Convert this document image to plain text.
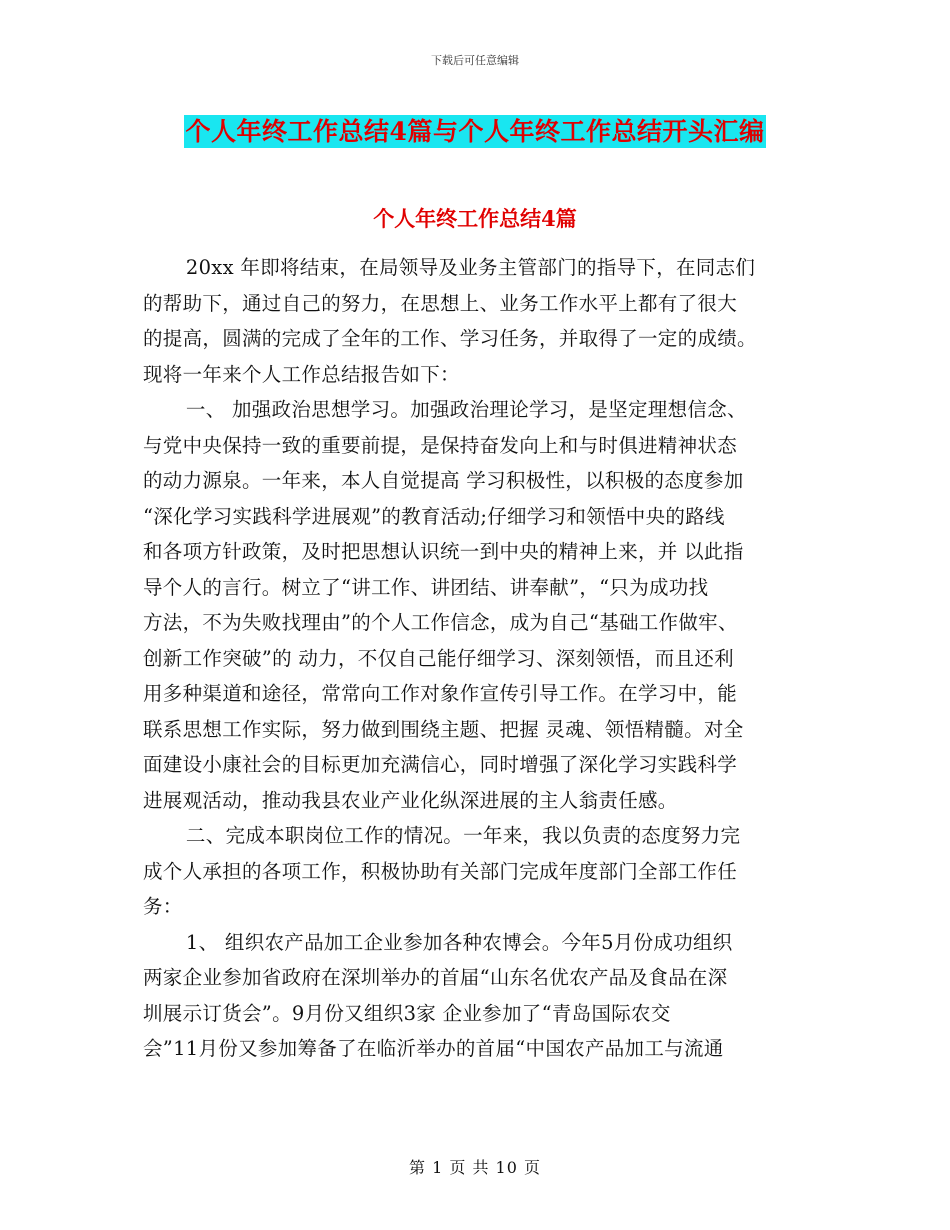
下载后可任意编辑
个人年终工作总结4篇与个人年终工作总结开头汇编
个人年终工作总结4篇

20xx 年即将结束，在局领导及业务主管部门的指导下，在同志们

的帮助下，通过自己的努力，在思想上、业务工作水平上都有了很大

的提高，圆满的完成了全年的工作、学习任务，并取得了一定的成绩。

现将一年来个人工作总结报告如下：

一、 加强政治思想学习。加强政治理论学习，是坚定理想信念、

与党中央保持一致的重要前提，是保持奋发向上和与时俱进精神状态

的动力源泉。一年来，本人自觉提高 学习积极性，以积极的态度参加

“深化学习实践科学进展观”的教育活动;仔细学习和领悟中央的路线

和各项方针政策，及时把思想认识统一到中央的精神上来，并 以此指

导个人的言行。树立了“讲工作、讲团结、讲奉献”，“只为成功找

方法，不为失败找理由”的个人工作信念，成为自己“基础工作做牢、

创新工作突破”的 动力，不仅自己能仔细学习、深刻领悟，而且还利

用多种渠道和途径，常常向工作对象作宣传引导工作。在学习中，能

联系思想工作实际，努力做到围绕主题、把握 灵魂、领悟精髓。对全

面建设小康社会的目标更加充满信心，同时增强了深化学习实践科学

进展观活动，推动我县农业产业化纵深进展的主人翁责任感。

二、完成本职岗位工作的情况。一年来，我以负责的态度努力完

成个人承担的各项工作，积极协助有关部门完成年度部门全部工作任

务：

1、 组织农产品加工企业参加各种农博会。今年5月份成功组织

两家企业参加省政府在深圳举办的首届“山东名优农产品及食品在深

圳展示订货会”。9月份又组织3家 企业参加了“青岛国际农交

会”11月份又参加筹备了在临沂举办的首届“中国农产品加工与流通

第 1 页 共 10 页
